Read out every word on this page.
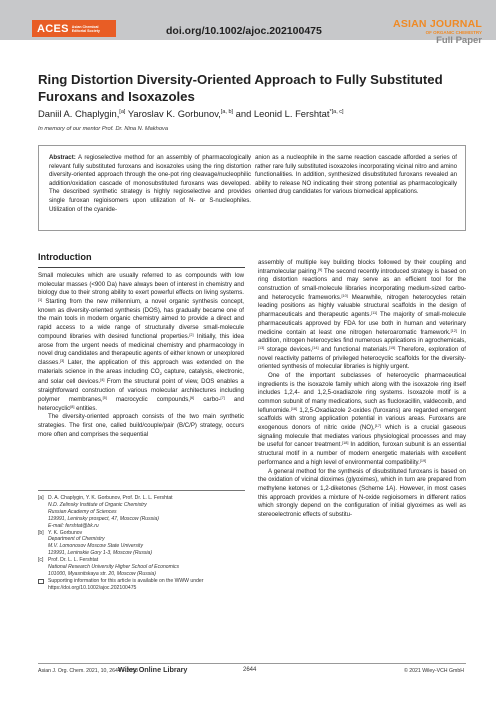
ACES Asian Chemical Editorial Society	doi.org/10.1002/ajoc.202100475
ASIAN JOURNAL
OF ORGANIC CHEMISTRY
Full Paper
Ring Distortion Diversity-Oriented Approach to Fully Substituted Furoxans and Isoxazoles
Daniil A. Chaplygin,[a] Yaroslav K. Gorbunov,[a, b] and Leonid L. Fershtat$^{*[a, c]}$
In memory of our mentor Prof. Dr. Nina N. Makhova
Abstract: A regioselective method for an assembly of pharmacologically relevant fully substituted furoxans and isoxazoles using the ring distortion diversity-oriented approach through the one-pot ring cleavage/nucleophilic addition/oxidation cascade of monosubstituted furoxans was developed. The described synthetic strategy is highly regioselective and provides single furoxan regioisomers upon utilization of N- or S-nucleophiles. Utilization of the cyanide-
anion as a nucleophile in the same reaction cascade afforded a series of rather rare fully substituted isoxazoles incorporating vicinal nitro and amino functionalities. In addition, synthesized disubstituted furoxans revealed an ability to release NO indicating their strong potential as pharmacologically oriented drug candidates for various biomedical applications.
Introduction

Small molecules which are usually referred to as compounds with low molecular masses (<900 Da) have always been of interest in chemistry and biology due to their strong ability to exert powerful effects on living systems.[1] Starting from the new millennium, a novel organic synthesis concept, known as diversity-oriented synthesis (DOS), has gradually became one of the main tools in modern organic chemistry aimed to provide a direct and rapid access to a wide range of structurally diverse small-molecule compound libraries with desired functional properties.[2] Initially, this idea arose from the urgent needs of medicinal chemistry and pharmacology in novel drug candidates and therapeutic agents of either known or unexplored classes.[3] Later, the application of this approach was extended on the materials science in the areas including $CO_2$ capture, catalysis, electronic, and solar cell devices.[4] From the structural point of view, DOS enables a straightforward construction of various molecular architectures including polymer membranes,[5] macrocyclic compounds,[6] carbo-[7] and heterocyclic[8] entities.

The diversity-oriented approach consists of the two main synthetic strategies. The first one, called build/couple/pair (B/C/P) strategy, occurs more often and comprises the sequential

assembly of multiple key building blocks followed by their coupling and intramolecular pairing.[9] The second recently introduced strategy is based on ring distortion reactions and may serve as an efficient tool for the construction of small-molecule libraries incorporating medium-sized carbo- and heterocyclic frameworks.[10] Meanwhile, nitrogen heterocycles retain leading positions as highly valuable structural scaffolds in the design of pharmaceuticals and therapeutic agents.[11] The majority of small-molecule pharmaceuticals approved by FDA for use both in human and veterinary medicine contain at least one nitrogen heteroaromatic framework.[12] In addition, nitrogen heterocycles find numerous applications in agrochemicals,[13] storage devices,[14] and functional materials.[15] Therefore, exploration of novel reactivity patterns of privileged heterocyclic scaffolds for the diversity-oriented synthesis of molecular libraries is highly urgent.

One of the important subclasses of heterocyclic pharmaceutical ingredients is the isoxazole family which along with the isoxazole ring itself includes 1,2,4- and 1,2,5-oxadiazole ring systems. Isoxazole motif is a common subunit of many medications, such as flucloxacillin, valdecoxib, and leflunomide.[16] 1,2,5-Oxadiazole 2-oxides (furoxans) are regarded emergent scaffolds with strong application potential in various areas. Furoxans are exogenous donors of nitric oxide (NO),[17] which is a crucial gaseous signaling molecule that mediates various physiological processes and may be useful for cancer treatment.[18] In addition, furoxan subunit is an essential structural motif in a number of modern energetic materials with excellent performance and a high level of environmental compatibility.[19]

A general method for the synthesis of disubstituted furoxans is based on the oxidation of vicinal dioximes (glyoximes), which in turn are prepared from methylene ketones or 1,2-diketones (Scheme 1A). However, in most cases this approach provides a mixture of N-oxide regioisomers in different ratios which strongly depend on the configuration of initial glyoximes as well as stereoelectronic effects of substitu-

[a] D. A. Chaplygin, Y. K. Gorbunov, Prof. Dr. L. L. Fershtat
N.D. Zelinsky Institute of Organic Chemistry
Russian Academy of Sciences
119991, Leninsky prospect, 47, Moscow (Russia)
E-mail: fershtat@bk.ru
[b] Y. K. Gorbunov
Department of Chemistry
M.V. Lomonosov Moscow State University
119991, Leninskie Gory 1-3, Moscow (Russia)
[c] Prof. Dr. L. L. Fershtat
National Research University Higher School of Economics
101000, Myasnitskaya str. 20, Moscow (Russia)
Supporting information for this article is available on the WWW under https://doi.org/10.1002/ajoc.202100475
Asian J. Org. Chem. 2021, 10, 2644 – 2653
Wiley Online Library	2644	© 2021 Wiley-VCH GmbH
